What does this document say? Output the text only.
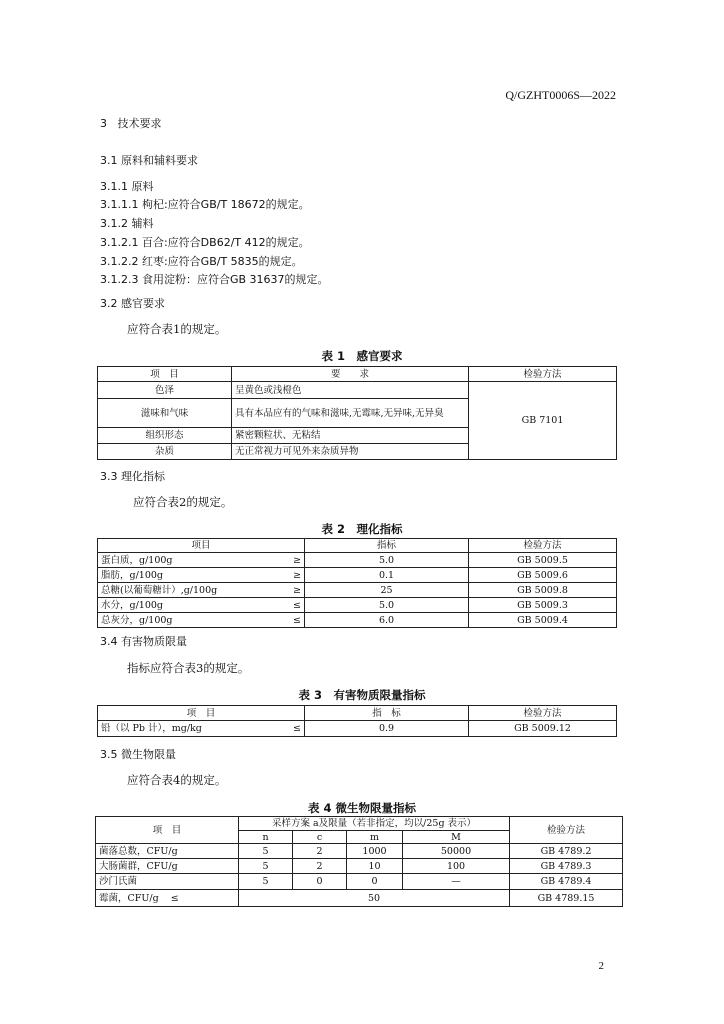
Q/GZHT0006S—2022
3   技术要求
3.1 原料和辅料要求
3.1.1 原料
3.1.1.1 枸杞:应符合GB/T 18672的规定。
3.1.2 辅料
3.1.2.1 百合:应符合DB62/T 412的规定。
3.1.2.2 红枣:应符合GB/T 5835的规定。
3.1.2.3 食用淀粉：应符合GB 31637的规定。
3.2 感官要求
应符合表1的规定。
表 1　感官要求
项　目	要　　求	检验方法
色泽	呈黄色或浅橙色	GB 7101
滋味和气味	具有本品应有的气味和滋味,无霉味,无异味,无异臭	
组织形态	紧密颗粒状、无粘结	
杂质	无正常视力可见外来杂质异物	
3.3 理化指标
应符合表2的规定。
表 2　理化指标
项目	指标	检验方法
蛋白质，g/100g ≥	5.0	GB 5009.5
脂肪，g/100g ≥	0.1	GB 5009.6
总糖(以葡萄糖计）,g/100g ≥	25	GB 5009.8
水分，g/100g ≤	5.0	GB 5009.3
总灰分，g/100g ≤	6.0	GB 5009.4
3.4 有害物质限量
指标应符合表3的规定。
表 3　有害物质限量指标
项　目	指　标	检验方法
铅（以 Pb 计），mg/kg ≤	0.9	GB 5009.12
3.5 微生物限量
应符合表4的规定。
表 4 微生物限量指标
项　目	采样方案 a及限量（若非指定，均以/25g 表示）				检验方法
	n	c	m	M	
菌落总数，CFU/g	5	2	1000	50000	GB 4789.2
大肠菌群，CFU/g	5	2	10	100	GB 4789.3
沙门氏菌	5	0	0	—	GB 4789.4
霉菌，CFU/g ≤	50				GB 4789.15
2
